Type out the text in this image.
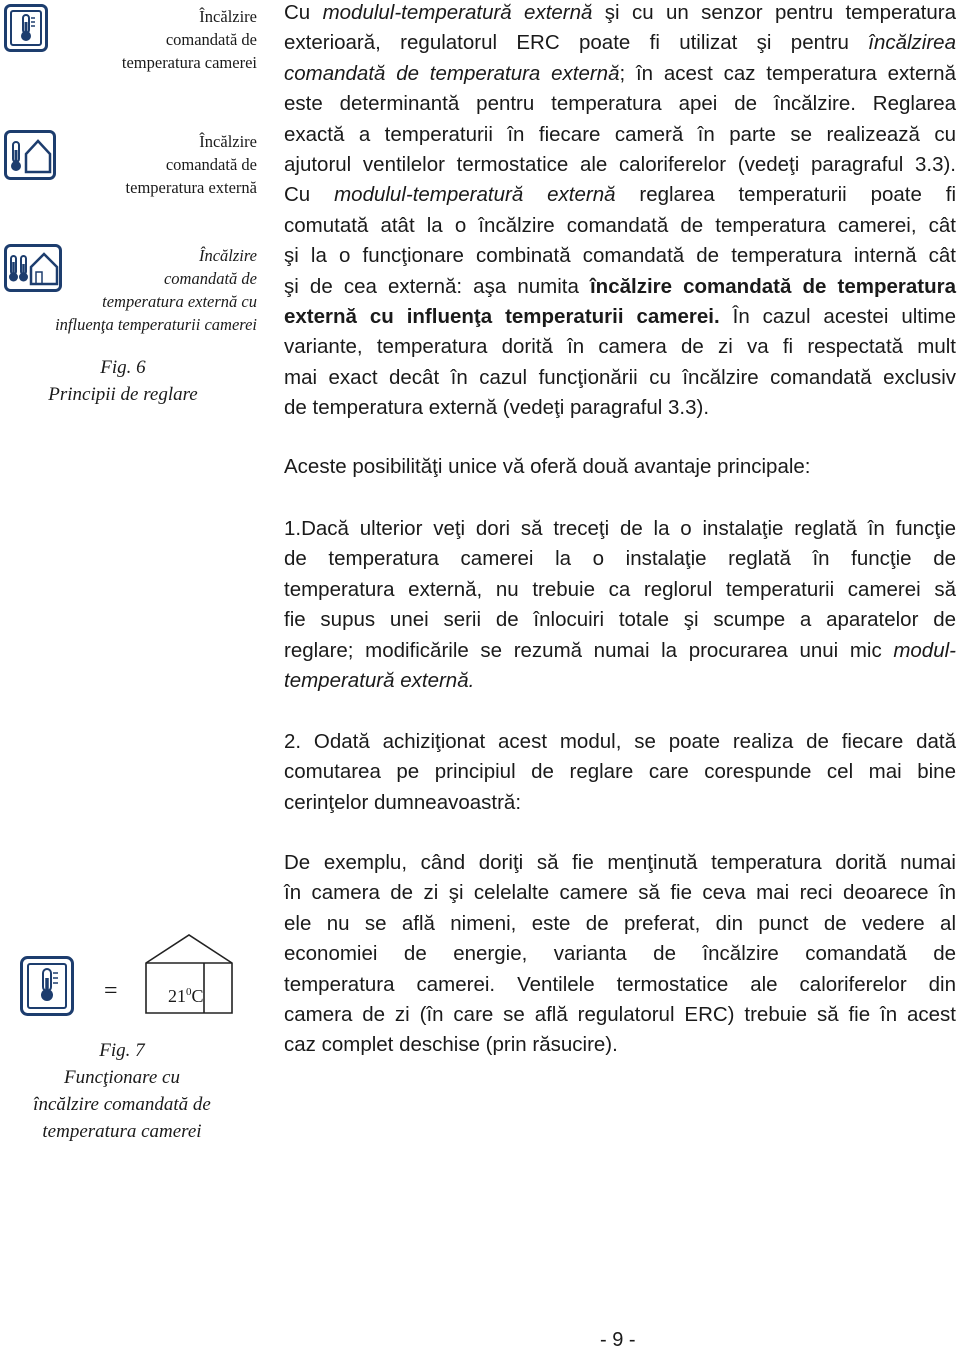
Încălzire
comandată de
temperatura camerei
Încălzire
comandată de
temperatura externă
Încălzire
comandată de
temperatura externă cu
influenţa temperaturii camerei
Fig. 6
Principii de reglare
=	$21^0C$
Fig. 7
Funcţionare cu
încălzire comandată de
temperatura camerei
Cu modulul-temperatură externă şi cu un senzor pentru temperatura
exterioară, regulatorul ERC poate fi utilizat şi pentru încălzirea
comandată de temperatura externă; în acest caz temperatura externă
este determinantă pentru temperatura apei de încălzire. Reglarea
exactă a temperaturii în fiecare cameră în parte se realizează cu
ajutorul ventilelor termostatice ale caloriferelor (vedeţi paragraful 3.3).
Cu modulul-temperatură externă reglarea temperaturii poate fi
comutată atât la o încălzire comandată de temperatura camerei, cât
şi la o funcţionare combinată comandată de temperatura internă cât
şi de cea externă: aşa numita încălzire comandată de temperatura
externă cu influenţa temperaturii camerei. În cazul acestei ultime
variante, temperatura dorită în camera de zi va fi respectată mult
mai exact decât în cazul funcţionării cu încălzire comandată exclusiv
de temperatura externă (vedeţi paragraful 3.3).
Aceste posibilităţi unice vă oferă două avantaje principale:
1.Dacă ulterior veţi dori să treceţi de la o instalaţie reglată în funcţie
de temperatura camerei la o instalaţie reglată în funcţie de
temperatura externă, nu trebuie ca reglorul temperaturii camerei să
fie supus unei serii de înlocuiri totale şi scumpe a aparatelor de
reglare; modificările se rezumă numai la procurarea unui mic modul-
temperatură externă.
2. Odată achiziţionat acest modul, se poate realiza de fiecare dată
comutarea pe principiul de reglare care corespunde cel mai bine
cerinţelor dumneavoastră:
De exemplu, când doriţi să fie menţinută temperatura dorită numai
în camera de zi şi celelalte camere să fie ceva mai reci deoarece în
ele nu se află nimeni, este de preferat, din punct de vedere al
economiei de energie, varianta de încălzire comandată de
temperatura camerei. Ventilele termostatice ale caloriferelor din
camera de zi (în care se află regulatorul ERC) trebuie să fie în acest
caz complet deschise (prin răsucire).
- 9 -
